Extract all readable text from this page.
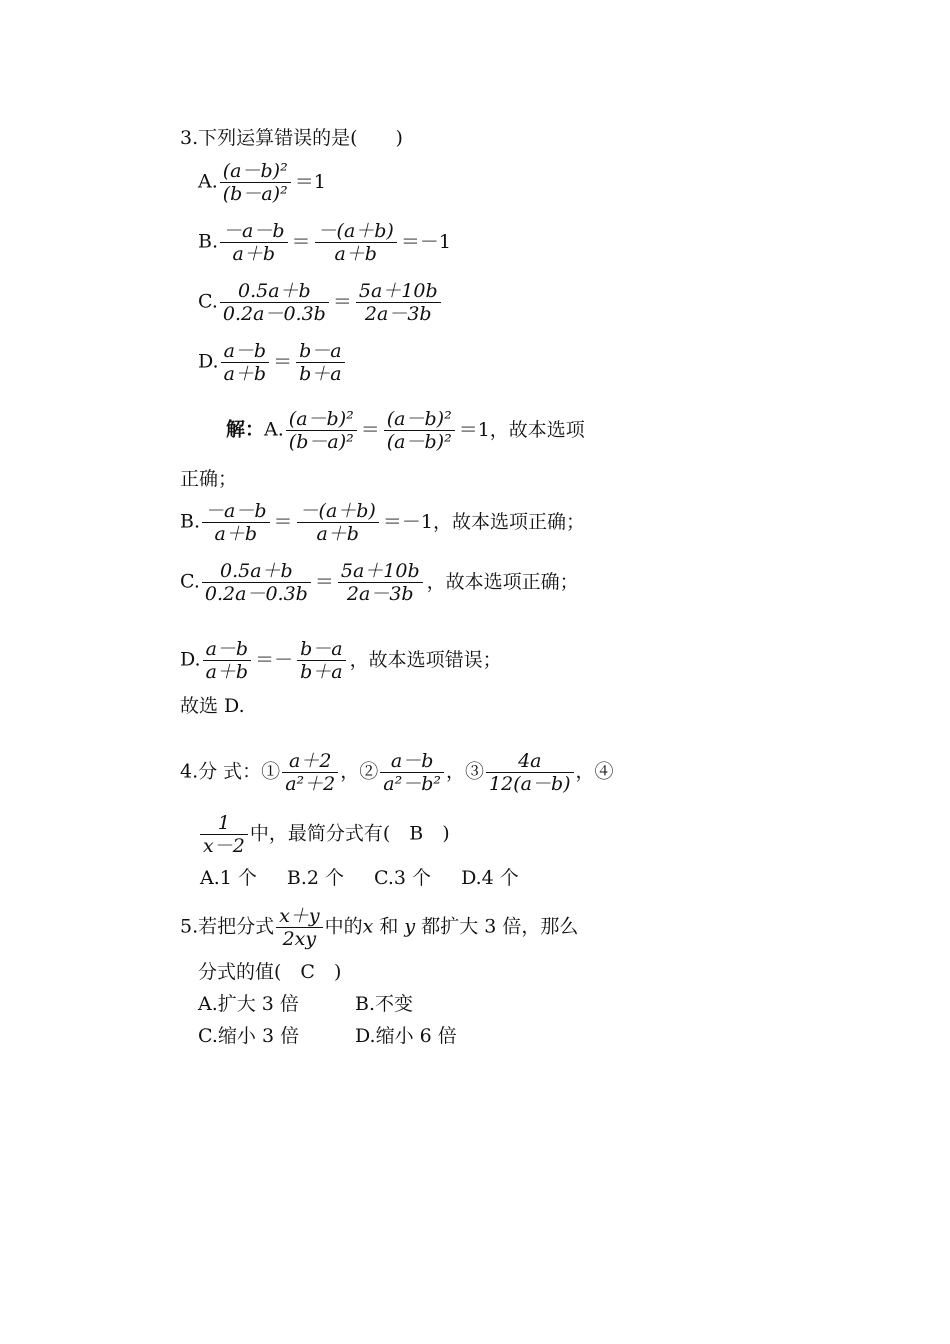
3.下列运算错误的是(　　)
A. $\frac{\text{(a－b)²}}{\text{(b－a)²}} =1$
B. $\frac{-a-b}{a+b} = \frac{-(a+b)}{a+b} =-1$
C. $\frac{0.5a+b}{0.2a-0.3b} = \frac{5a+10b}{2a-3b}$
D. $\frac{a-b}{a+b} = \frac{b-a}{b+a}$
解：A. $\frac{\text{(a－b)²}}{\text{(b－a)²}} = \frac{\text{(a－b)²}}{\text{(a－b)²}} =1$，故本选项
正确；
B. $\frac{-a-b}{a+b} = \frac{-(a+b)}{a+b} =-1$，故本选项正确；
C. $\frac{0.5a+b}{0.2a-0.3b} = \frac{5a+10b}{2a-3b}$ ，故本选项正确；
D. $\frac{a-b}{a+b} =- \frac{b-a}{b+a}$ ，故本选项错误；
故选 D.
4.分 式：① $\frac{a+2}{\text{a²＋2}}$ ，② $\frac{a-b}{\text{a²－b²}}$ ，③ $\frac{4a}{12(a-b)}$ ，④
$\frac{1}{x-2}$ 中，最简分式有(　B　)
A.1 个 B.2 个 C.3 个 D.4 个
5.若把分式 $\frac{x+y}{2xy}$ 中的x 和 y 都扩大 3 倍，那么
分式的值(　C　)
A.扩大 3 倍	B.不变
C.缩小 3 倍	D.缩小 6 倍
